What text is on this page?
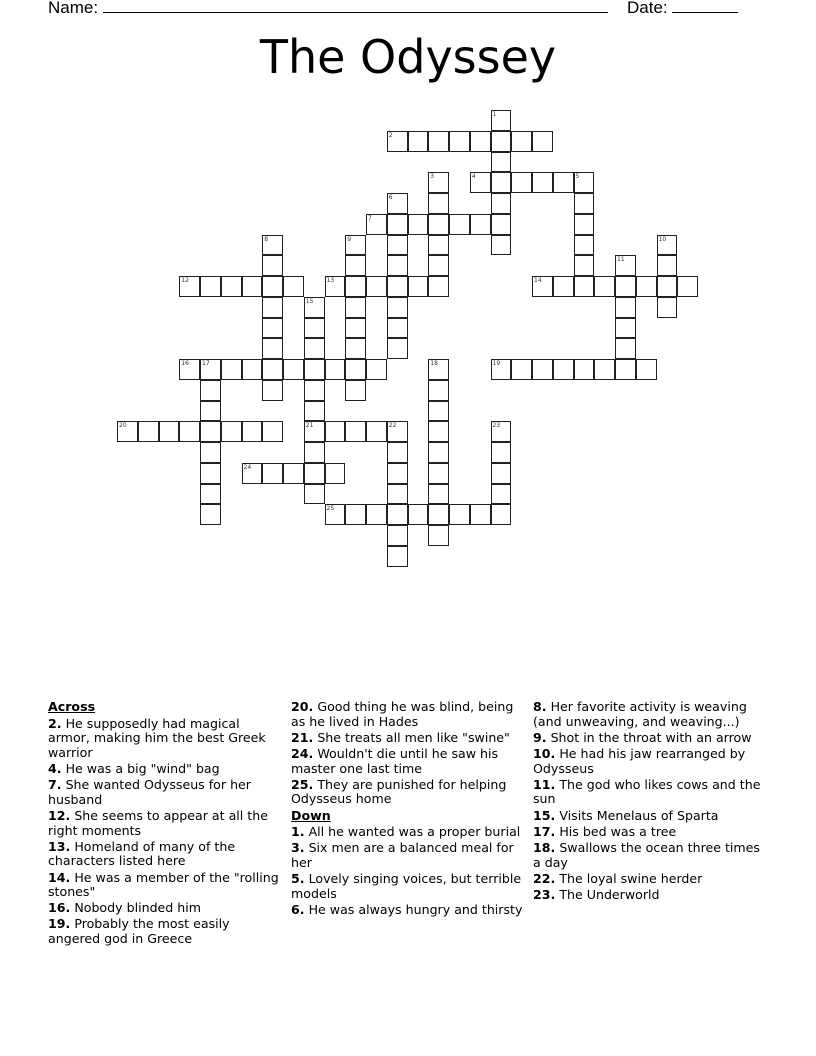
Name:	Date:
The Odyssey
2
4	5
7
12	13	14
16 17	19
20	21	22
24
25
1
3
6
8	9	10
11
15
18
23
Across
2. He supposedly had magical armor, making him the best Greek warrior
4. He was a big "wind" bag
7. She wanted Odysseus for her husband
12. She seems to appear at all the right moments
13. Homeland of many of the characters listed here
14. He was a member of the "rolling stones"
16. Nobody blinded him
19. Probably the most easily angered god in Greece
20. Good thing he was blind, being as he lived in Hades
21. She treats all men like "swine"
24. Wouldn't die until he saw his master one last time
25. They are punished for helping Odysseus home
Down
1. All he wanted was a proper burial
3. Six men are a balanced meal for her
5. Lovely singing voices, but terrible models
6. He was always hungry and thirsty
8. Her favorite activity is weaving (and unweaving, and weaving...)
9. Shot in the throat with an arrow
10. He had his jaw rearranged by Odysseus
11. The god who likes cows and the sun
15. Visits Menelaus of Sparta
17. His bed was a tree
18. Swallows the ocean three times a day
22. The loyal swine herder
23. The Underworld
